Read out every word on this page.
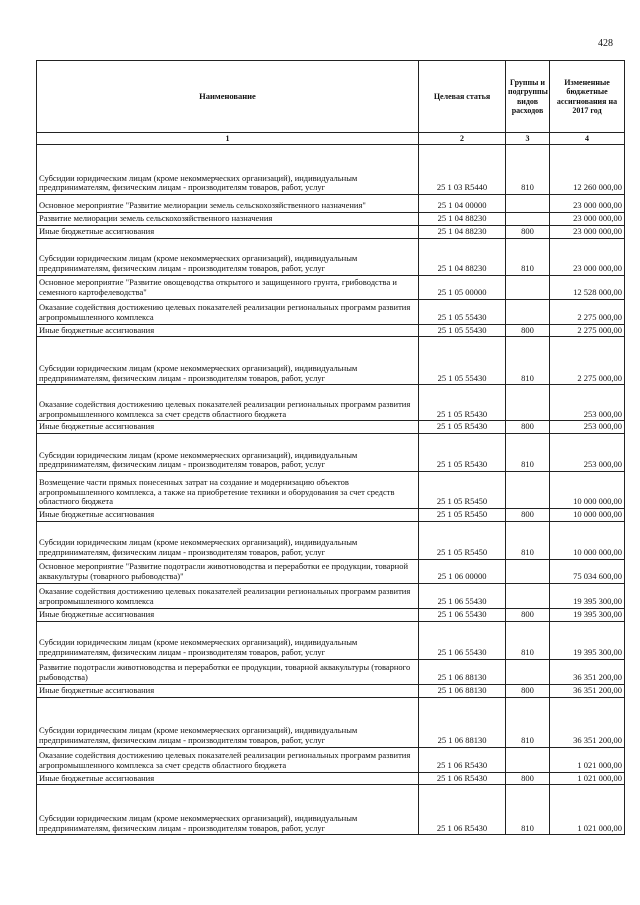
428
Наименование	Целевая статья	Группы и подгруппы видов расходов	Измененные бюджетные ассигнования на 2017 год
1	2	3	4
Субсидии юридическим лицам (кроме некоммерческих организаций), индивидуальным предпринимателям, физическим лицам - производителям товаров, работ, услуг	25 1 03 R5440	810	12 260 000,00
Основное мероприятие "Развитие мелиорации земель сельскохозяйственного назначения"	25 1 04 00000		23 000 000,00
Развитие мелиорации земель сельскохозяйственного назначения	25 1 04 88230		23 000 000,00
Иные бюджетные ассигнования	25 1 04 88230	800	23 000 000,00
Субсидии юридическим лицам (кроме некоммерческих организаций), индивидуальным предпринимателям, физическим лицам - производителям товаров, работ, услуг	25 1 04 88230	810	23 000 000,00
Основное мероприятие "Развитие овощеводства открытого и защищенного грунта, грибоводства и семенного картофелеводства"	25 1 05 00000		12 528 000,00
Оказание содействия достижению целевых показателей реализации региональных программ развития агропромышленного комплекса	25 1 05 55430		2 275 000,00
Иные бюджетные ассигнования	25 1 05 55430	800	2 275 000,00
Субсидии юридическим лицам (кроме некоммерческих организаций), индивидуальным предпринимателям, физическим лицам - производителям товаров, работ, услуг	25 1 05 55430	810	2 275 000,00
Оказание содействия достижению целевых показателей реализации региональных программ развития агропромышленного комплекса за счет средств областного бюджета	25 1 05 R5430		253 000,00
Иные бюджетные ассигнования	25 1 05 R5430	800	253 000,00
Субсидии юридическим лицам (кроме некоммерческих организаций), индивидуальным предпринимателям, физическим лицам - производителям товаров, работ, услуг	25 1 05 R5430	810	253 000,00
Возмещение части прямых понесенных затрат на создание и модернизацию объектов агропромышленного комплекса, а также на приобретение техники и оборудования за счет средств областного бюджета	25 1 05 R5450		10 000 000,00
Иные бюджетные ассигнования	25 1 05 R5450	800	10 000 000,00
Субсидии юридическим лицам (кроме некоммерческих организаций), индивидуальным предпринимателям, физическим лицам - производителям товаров, работ, услуг	25 1 05 R5450	810	10 000 000,00
Основное мероприятие "Развитие подотрасли животноводства и переработки ее продукции, товарной аквакультуры (товарного рыбоводства)"	25 1 06 00000		75 034 600,00
Оказание содействия достижению целевых показателей реализации региональных программ развития агропромышленного комплекса	25 1 06 55430		19 395 300,00
Иные бюджетные ассигнования	25 1 06 55430	800	19 395 300,00
Субсидии юридическим лицам (кроме некоммерческих организаций), индивидуальным предпринимателям, физическим лицам - производителям товаров, работ, услуг	25 1 06 55430	810	19 395 300,00
Развитие подотрасли животноводства и переработки ее продукции, товарной аквакультуры (товарного рыбоводства)	25 1 06 88130		36 351 200,00
Иные бюджетные ассигнования	25 1 06 88130	800	36 351 200,00
Субсидии юридическим лицам (кроме некоммерческих организаций), индивидуальным предпринимателям, физическим лицам - производителям товаров, работ, услуг	25 1 06 88130	810	36 351 200,00
Оказание содействия достижению целевых показателей реализации региональных программ развития агропромышленного комплекса за счет средств областного бюджета	25 1 06 R5430		1 021 000,00
Иные бюджетные ассигнования	25 1 06 R5430	800	1 021 000,00
Субсидии юридическим лицам (кроме некоммерческих организаций), индивидуальным предпринимателям, физическим лицам - производителям товаров, работ, услуг	25 1 06 R5430	810	1 021 000,00
